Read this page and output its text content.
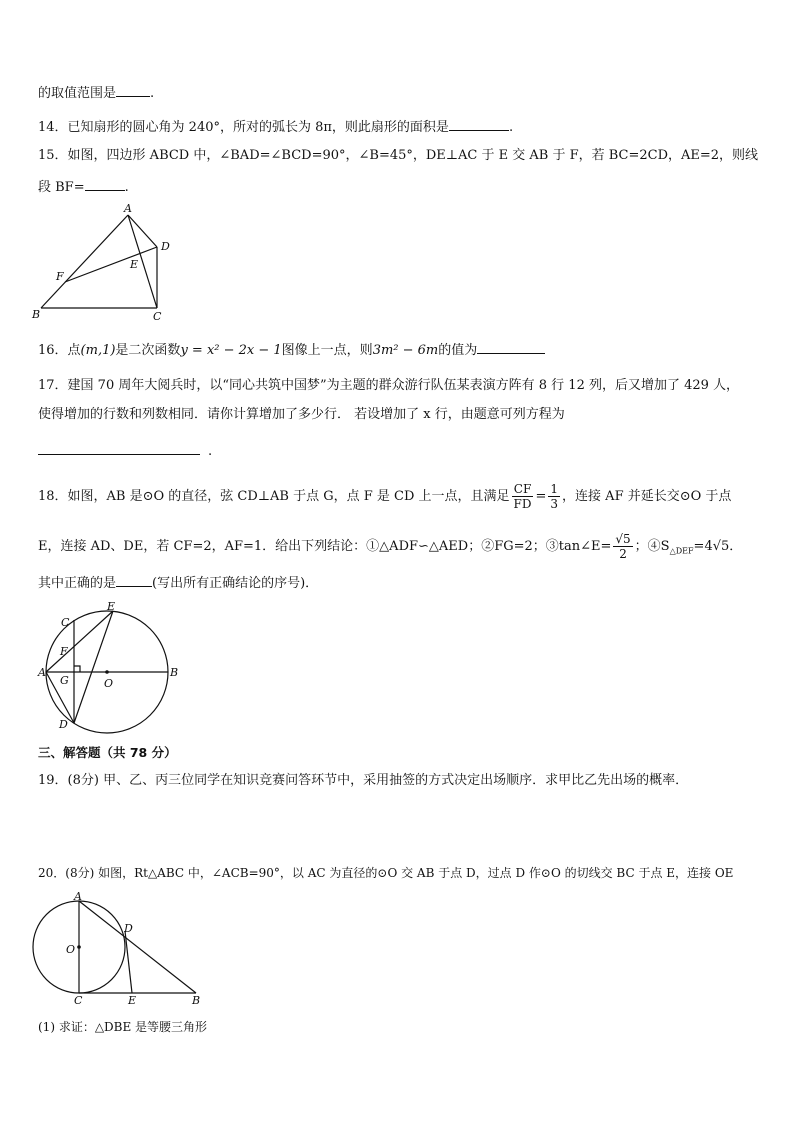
的取值范围是	.
14．已知扇形的圆心角为 240°，所对的弧长为 8π，则此扇形的面积是	.
15．如图，四边形 ABCD 中，∠BAD=∠BCD=90°，∠B=45°，DE⊥AC 于 E 交 AB 于 F，若 BC=2CD，AE=2，则线
段 BF=	.
A
B	C
D
E
F
16．点(m,1)是二次函数y = x² − 2x − 1图像上一点，则3m² − 6m的值为
17．建国 70 周年大阅兵时，以“同心共筑中国梦”为主题的群众游行队伍某表演方阵有 8 行 12 列，后又增加了 429 人，
使得增加的行数和列数相同．请你计算增加了多少行． 若设增加了 x 行，由题意可列方程为
.
18．如图，AB 是⊙O 的直径，弦 CD⊥AB 于点 G，点 F 是 CD 上一点，且满足 $\frac{CF}{FD} = \frac{1}{3}$ ，连接 AF 并延长交⊙O 于点
E，连接 AD、DE，若 CF=2，AF=1．给出下列结论：①△ADF∽△AED；②FG=2；③tan∠E= $\frac{√5}{2}$ ；$④S_{\triangle DEF}=4√5$．
其中正确的是	(写出所有正确结论的序号)．
C
E
F
A
G	O
B
D
三、解答题（共 78 分）
19．(8分) 甲、乙、丙三位同学在知识竞赛问答环节中，采用抽签的方式决定出场顺序．求甲比乙先出场的概率．
20．(8分) 如图，Rt△ABC 中，∠ACB=90°，以 AC 为直径的⊙O 交 AB 于点 D，过点 D 作⊙O 的切线交 BC 于点 E，连接 OE
A
O
D
C	E	B
(1) 求证：△DBE 是等腰三角形
